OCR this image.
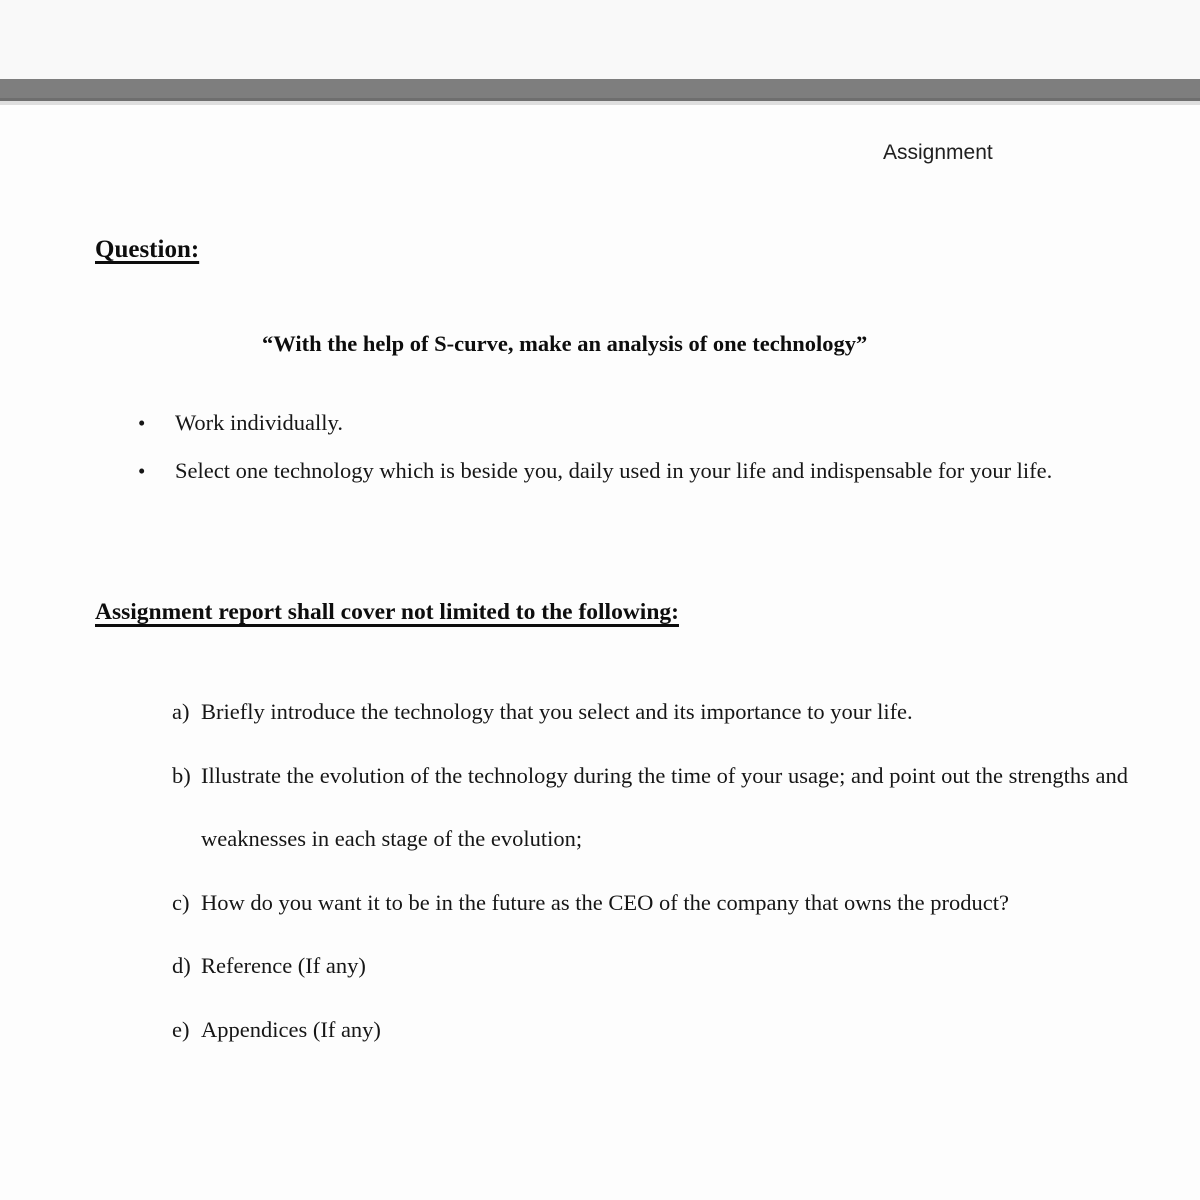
Assignment
Question:

“With the help of S-curve, make an analysis of one technology”

• Work individually.
• Select one technology which is beside you, daily used in your life and indispensable for your life.
Assignment report shall cover not limited to the following:

a) Briefly introduce the technology that you select and its importance to your life.

b) Illustrate the evolution of the technology during the time of your usage; and point out the strengths and weaknesses in each stage of the evolution;

c) How do you want it to be in the future as the CEO of the company that owns the product?

d) Reference (If any)

e) Appendices (If any)
